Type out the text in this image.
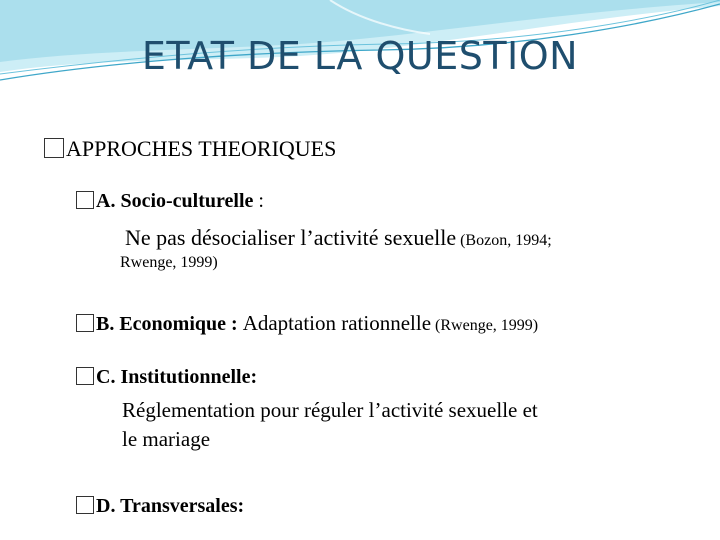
ETAT DE LA QUESTION
APPROCHES THEORIQUES
A. Socio-culturelle :
Ne pas désocialiser l’activité sexuelle (Bozon, 1994;
Rwenge, 1999)
B. Economique : Adaptation rationnelle (Rwenge, 1999)
C. Institutionnelle:
Réglementation pour réguler l’activité sexuelle et
le mariage
D. Transversales:
